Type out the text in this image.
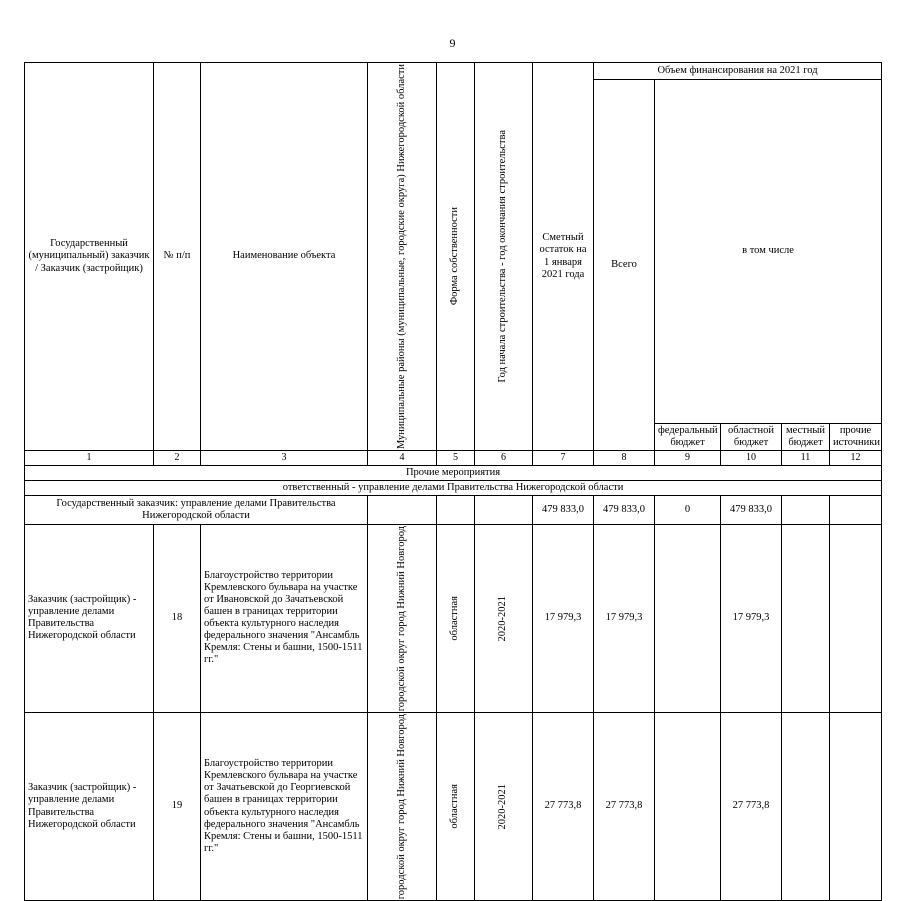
9
Государственный (муниципальный) заказчик / Заказчик (застройщик)	№ п/п	Наименование объекта	Муниципальные районы (муниципальные, городские округа) Нижегородской области	Форма собственности	Год начала строительства - год окончания строительства	Сметный остаток на 1 января 2021 года	Объем финансирования на 2021 год				
							Всего	в том числе			
								федеральный бюджет	областной бюджет	местный бюджет	прочие источники
1	2	3	4	5	6	7	8	9	10	11	12
Прочие мероприятия											
ответственный - управление делами Правительства Нижегородской области											
Государственный заказчик: управление делами Правительства Нижегородской области						479 833,0	479 833,0	0	479 833,0		
Заказчик (застройщик) - управление делами Правительства Нижегородской области	18	Благоустройство территории Кремлевского бульвара на участке от Ивановской до Зачатьевской башен в границах территории объекта культурного наследия федерального значения "Ансамбль Кремля: Стены и башни, 1500-1511 гг."	городской округ город Нижний Новгород	областная	2020-2021	17 979,3	17 979,3		17 979,3		
Заказчик (застройщик) - управление делами Правительства Нижегородской области	19	Благоустройство территории Кремлевского бульвара на участке от Зачатьевской до Георгиевской башен в границах территории объекта культурного наследия федерального значения "Ансамбль Кремля: Стены и башни, 1500-1511 гг."	городской округ город Нижний Новгород	областная	2020-2021	27 773,8	27 773,8		27 773,8		
